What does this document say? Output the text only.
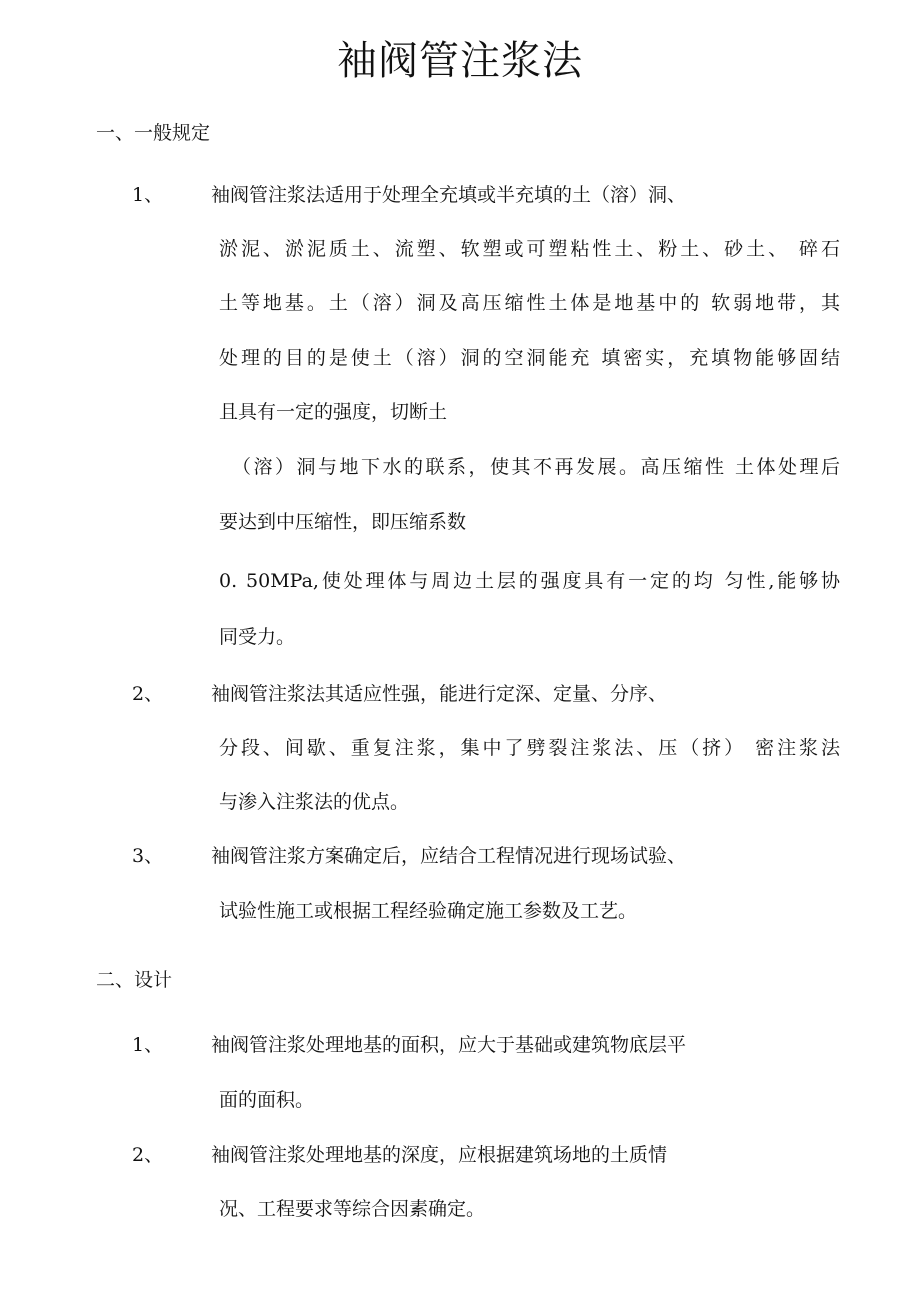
袖阀管注浆法
一、一般规定
1、	袖阀管注浆法适用于处理全充填或半充填的土（溶）洞、
淤泥、淤泥质土、流塑、软塑或可塑粘性土、粉土、砂土、 碎石
土等地基。土（溶）洞及高压缩性土体是地基中的 软弱地带，其
处理的目的是使土（溶）洞的空洞能充 填密实，充填物能够固结
且具有一定的强度，切断土
（溶）洞与地下水的联系，使其不再发展。高压缩性 土体处理后
要达到中压缩性，即压缩系数
0. 50MPa,使处理体与周边土层的强度具有一定的均 匀性,能够协
同受力。
2、	袖阀管注浆法其适应性强，能进行定深、定量、分序、
分段、间歇、重复注浆，集中了劈裂注浆法、压（挤） 密注浆法
与渗入注浆法的优点。
3、	袖阀管注浆方案确定后，应结合工程情况进行现场试验、
试验性施工或根据工程经验确定施工参数及工艺。
二、设计
1、	袖阀管注浆处理地基的面积，应大于基础或建筑物底层平
面的面积。
2、	袖阀管注浆处理地基的深度，应根据建筑场地的土质情
况、工程要求等综合因素确定。
